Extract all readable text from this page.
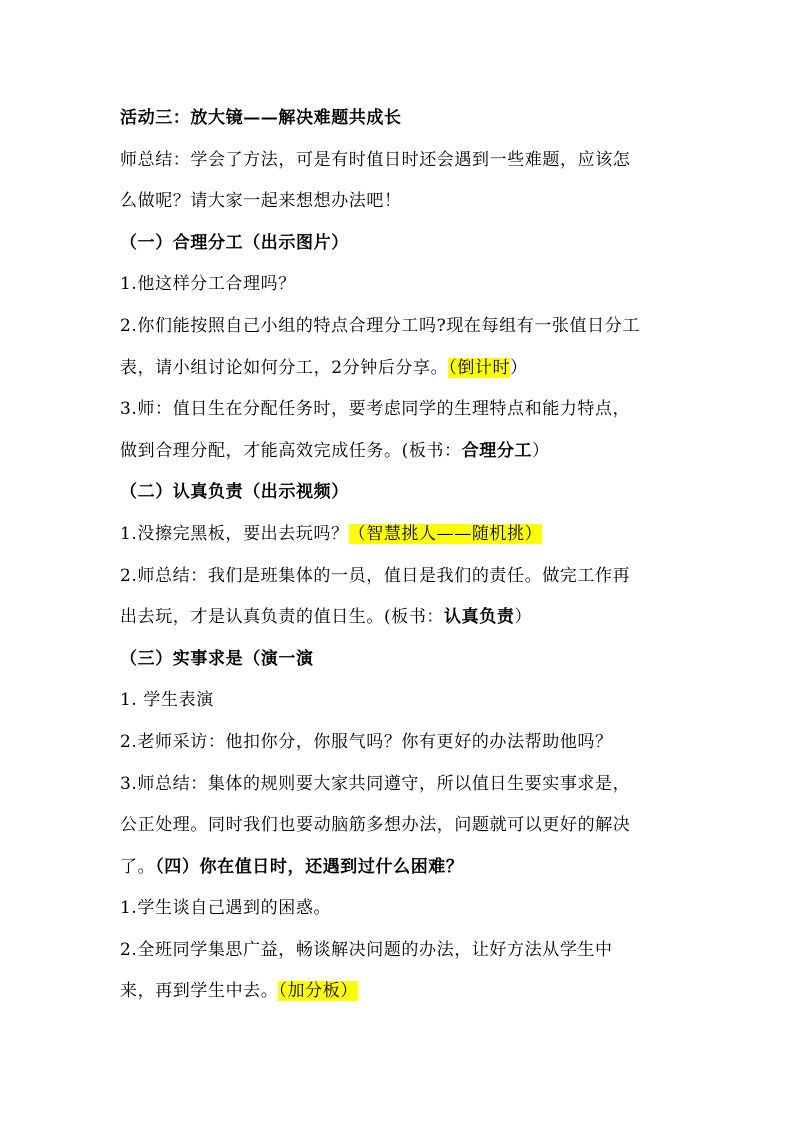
活动三：放大镜——解决难题共成长
师总结：学会了方法，可是有时值日时还会遇到一些难题，应该怎
么做呢？请大家一起来想想办法吧！
（一）合理分工（出示图片）
1.他这样分工合理吗？
2.你们能按照自己小组的特点合理分工吗?现在每组有一张值日分工
表，请小组讨论如何分工，2分钟后分享。（倒计时）
3.师：值日生在分配任务时，要考虑同学的生理特点和能力特点，
做到合理分配，才能高效完成任务。(板书：合理分工）
（二）认真负责（出示视频）
1.没擦完黑板，要出去玩吗？（智慧挑人——随机挑）
2.师总结：我们是班集体的一员，值日是我们的责任。做完工作再
出去玩，才是认真负责的值日生。(板书：认真负责）
（三）实事求是（演一演
1. 学生表演
2.老师采访：他扣你分，你服气吗？你有更好的办法帮助他吗？
3.师总结：集体的规则要大家共同遵守，所以值日生要实事求是，
公正处理。同时我们也要动脑筋多想办法，问题就可以更好的解决
了。（四）你在值日时，还遇到过什么困难？
1.学生谈自己遇到的困惑。
2.全班同学集思广益，畅谈解决问题的办法，让好方法从学生中
来，再到学生中去。（加分板）
